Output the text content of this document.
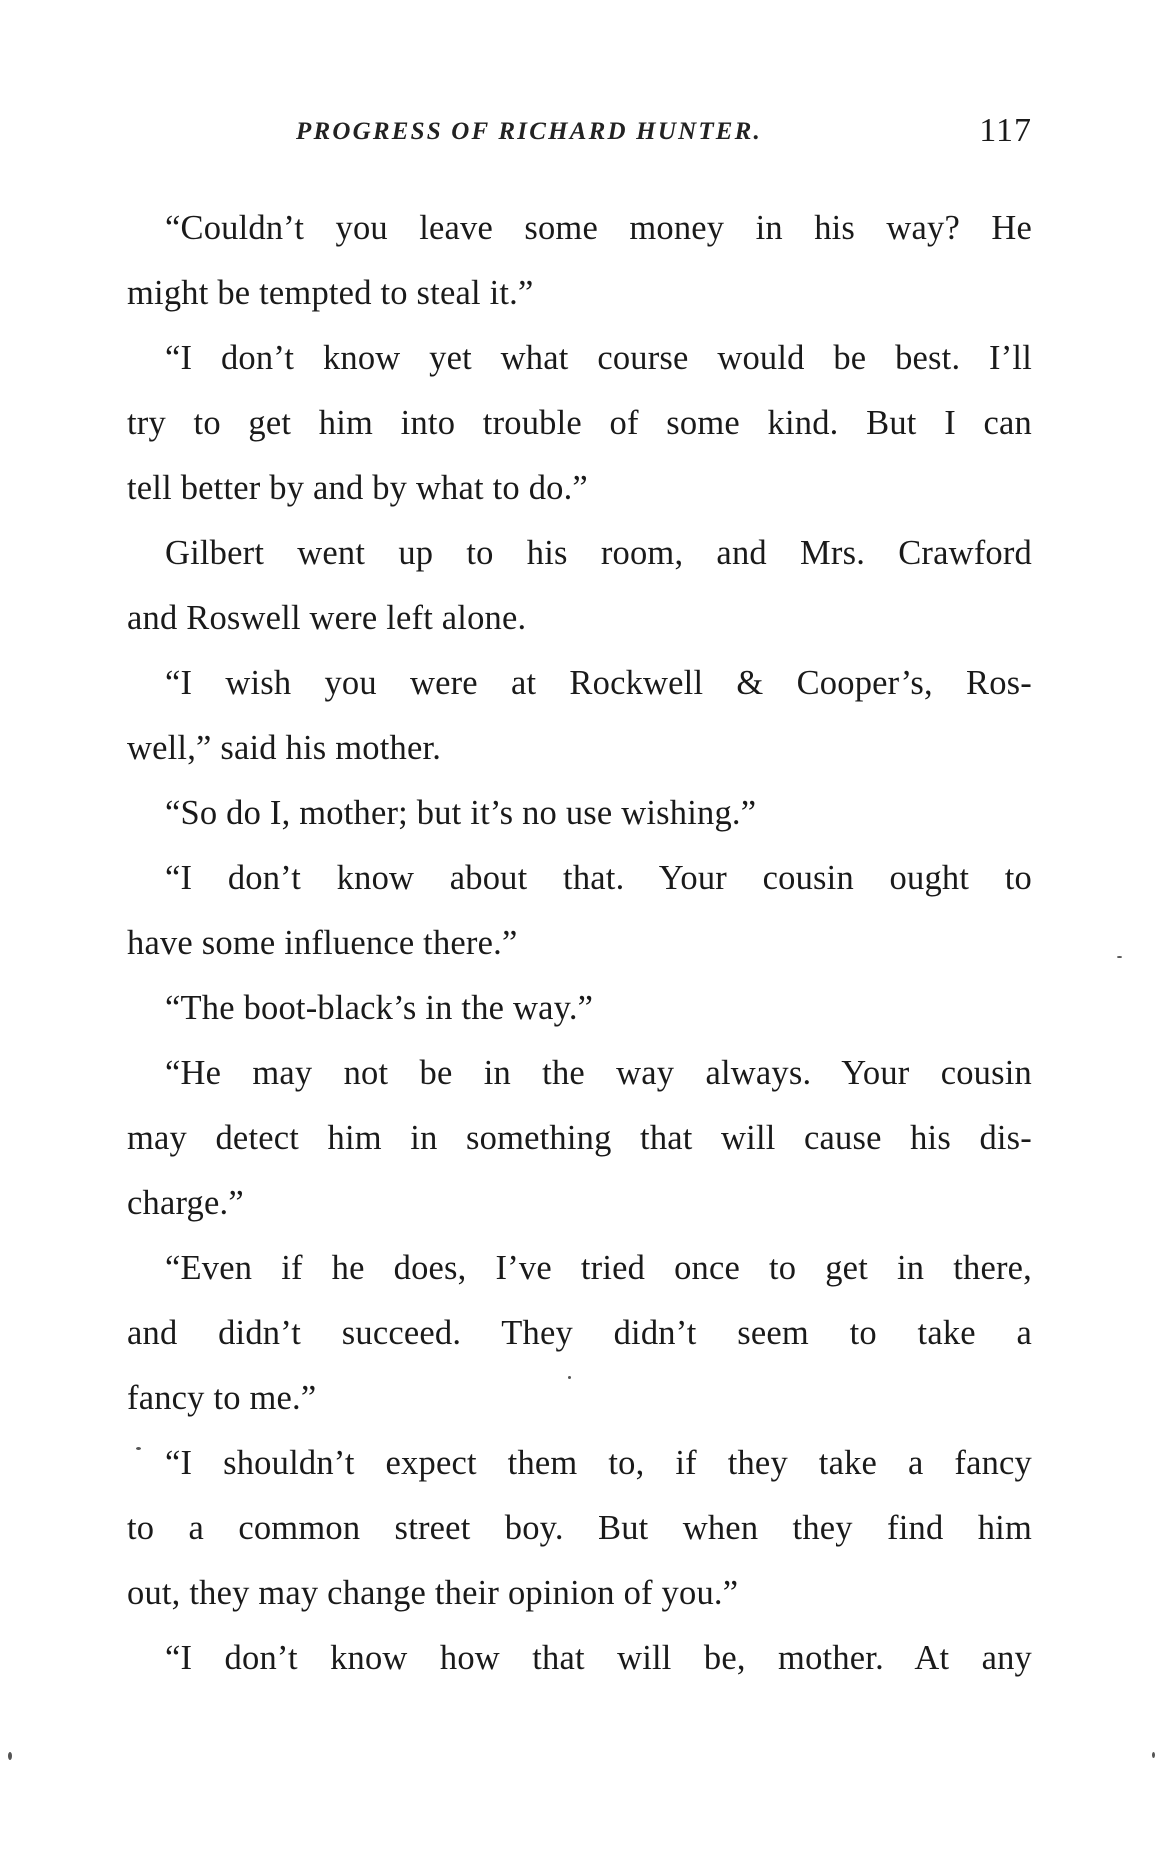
PROGRESS OF RICHARD HUNTER.	117
“Couldn’t you leave some money in his way? He
might be tempted to steal it.”
“I don’t know yet what course would be best. I’ll
try to get him into trouble of some kind. But I can
tell better by and by what to do.”
Gilbert went up to his room, and Mrs. Crawford
and Roswell were left alone.
“I wish you were at Rockwell & Cooper’s, Ros-
well,” said his mother.
“So do I, mother; but it’s no use wishing.”
“I don’t know about that. Your cousin ought to
have some influence there.”
“The boot-black’s in the way.”
“He may not be in the way always. Your cousin
may detect him in something that will cause his dis-
charge.”
“Even if he does, I’ve tried once to get in there,
and didn’t succeed. They didn’t seem to take a
fancy to me.”
“I shouldn’t expect them to, if they take a fancy
to a common street boy. But when they find him
out, they may change their opinion of you.”
“I don’t know how that will be, mother. At any
